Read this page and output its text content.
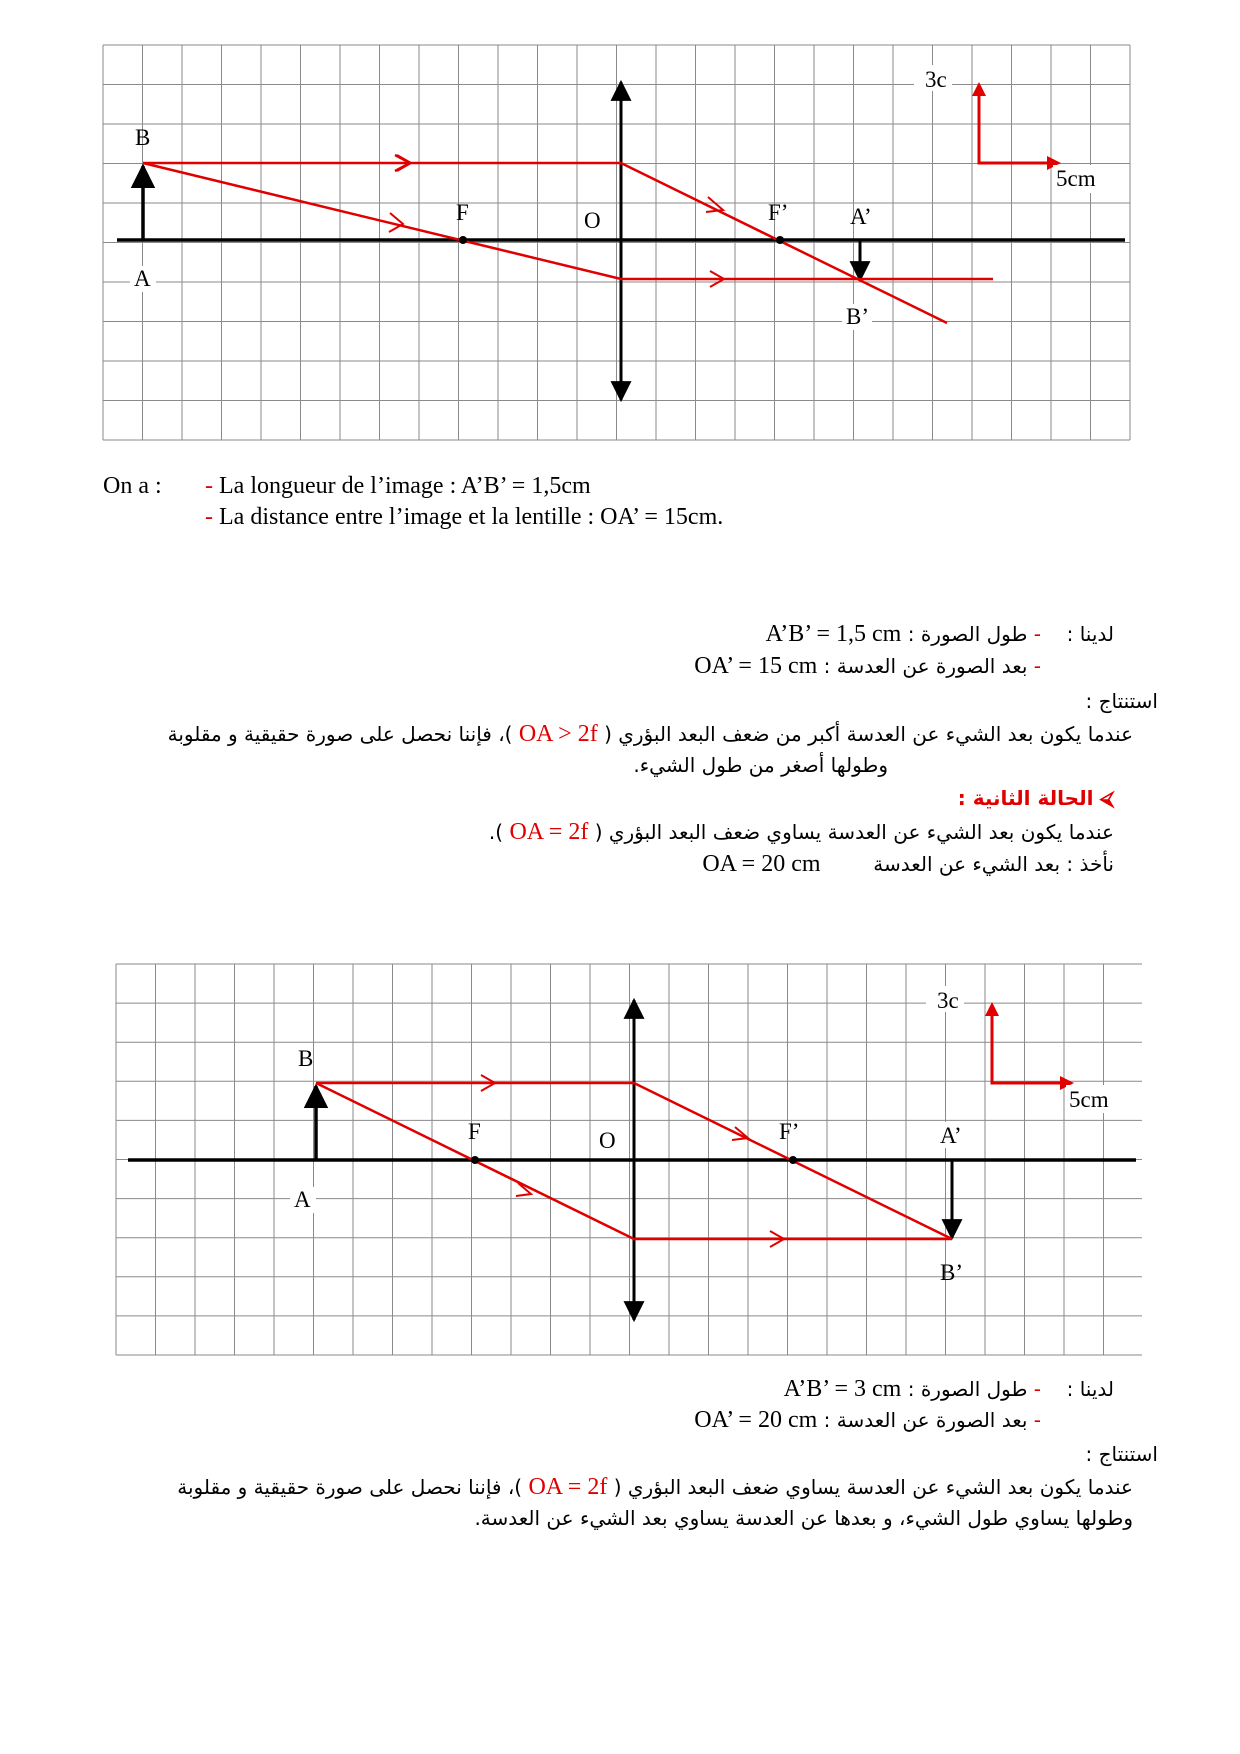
3c
5cm
B
A
F	O	F’	A’
B’
On a : - La longueur de l’image : A’B’ = 1,5cm
- La distance entre l’image et la lentille : OA’ = 15cm.
لدينا :
- طول الصورة : A’B’ = 1,5 cm
- بعد الصورة عن العدسة : OA’ = 15 cm
استنتاج :
عندما يكون بعد الشيء عن العدسة أكبر من ضعف البعد البؤري ( OA > 2f )، فإننا نحصل على صورة حقيقية و مقلوبة
وطولها أصغر من طول الشيء.
⮘ الحالة الثانية :
عندما يكون بعد الشيء عن العدسة يساوي ضعف البعد البؤري ( OA = 2f ).
نأخذ : بعد الشيء عن العدسة  OA = 20 cm
3c
5cm
B
A
F	O	F’	A’
B’
لدينا :
- طول الصورة : A’B’ = 3 cm
- بعد الصورة عن العدسة : OA’ = 20 cm
استنتاج :
عندما يكون بعد الشيء عن العدسة يساوي ضعف البعد البؤري ( OA = 2f )، فإننا نحصل على صورة حقيقية و مقلوبة
وطولها يساوي طول الشيء، و بعدها عن العدسة يساوي بعد الشيء عن العدسة.
